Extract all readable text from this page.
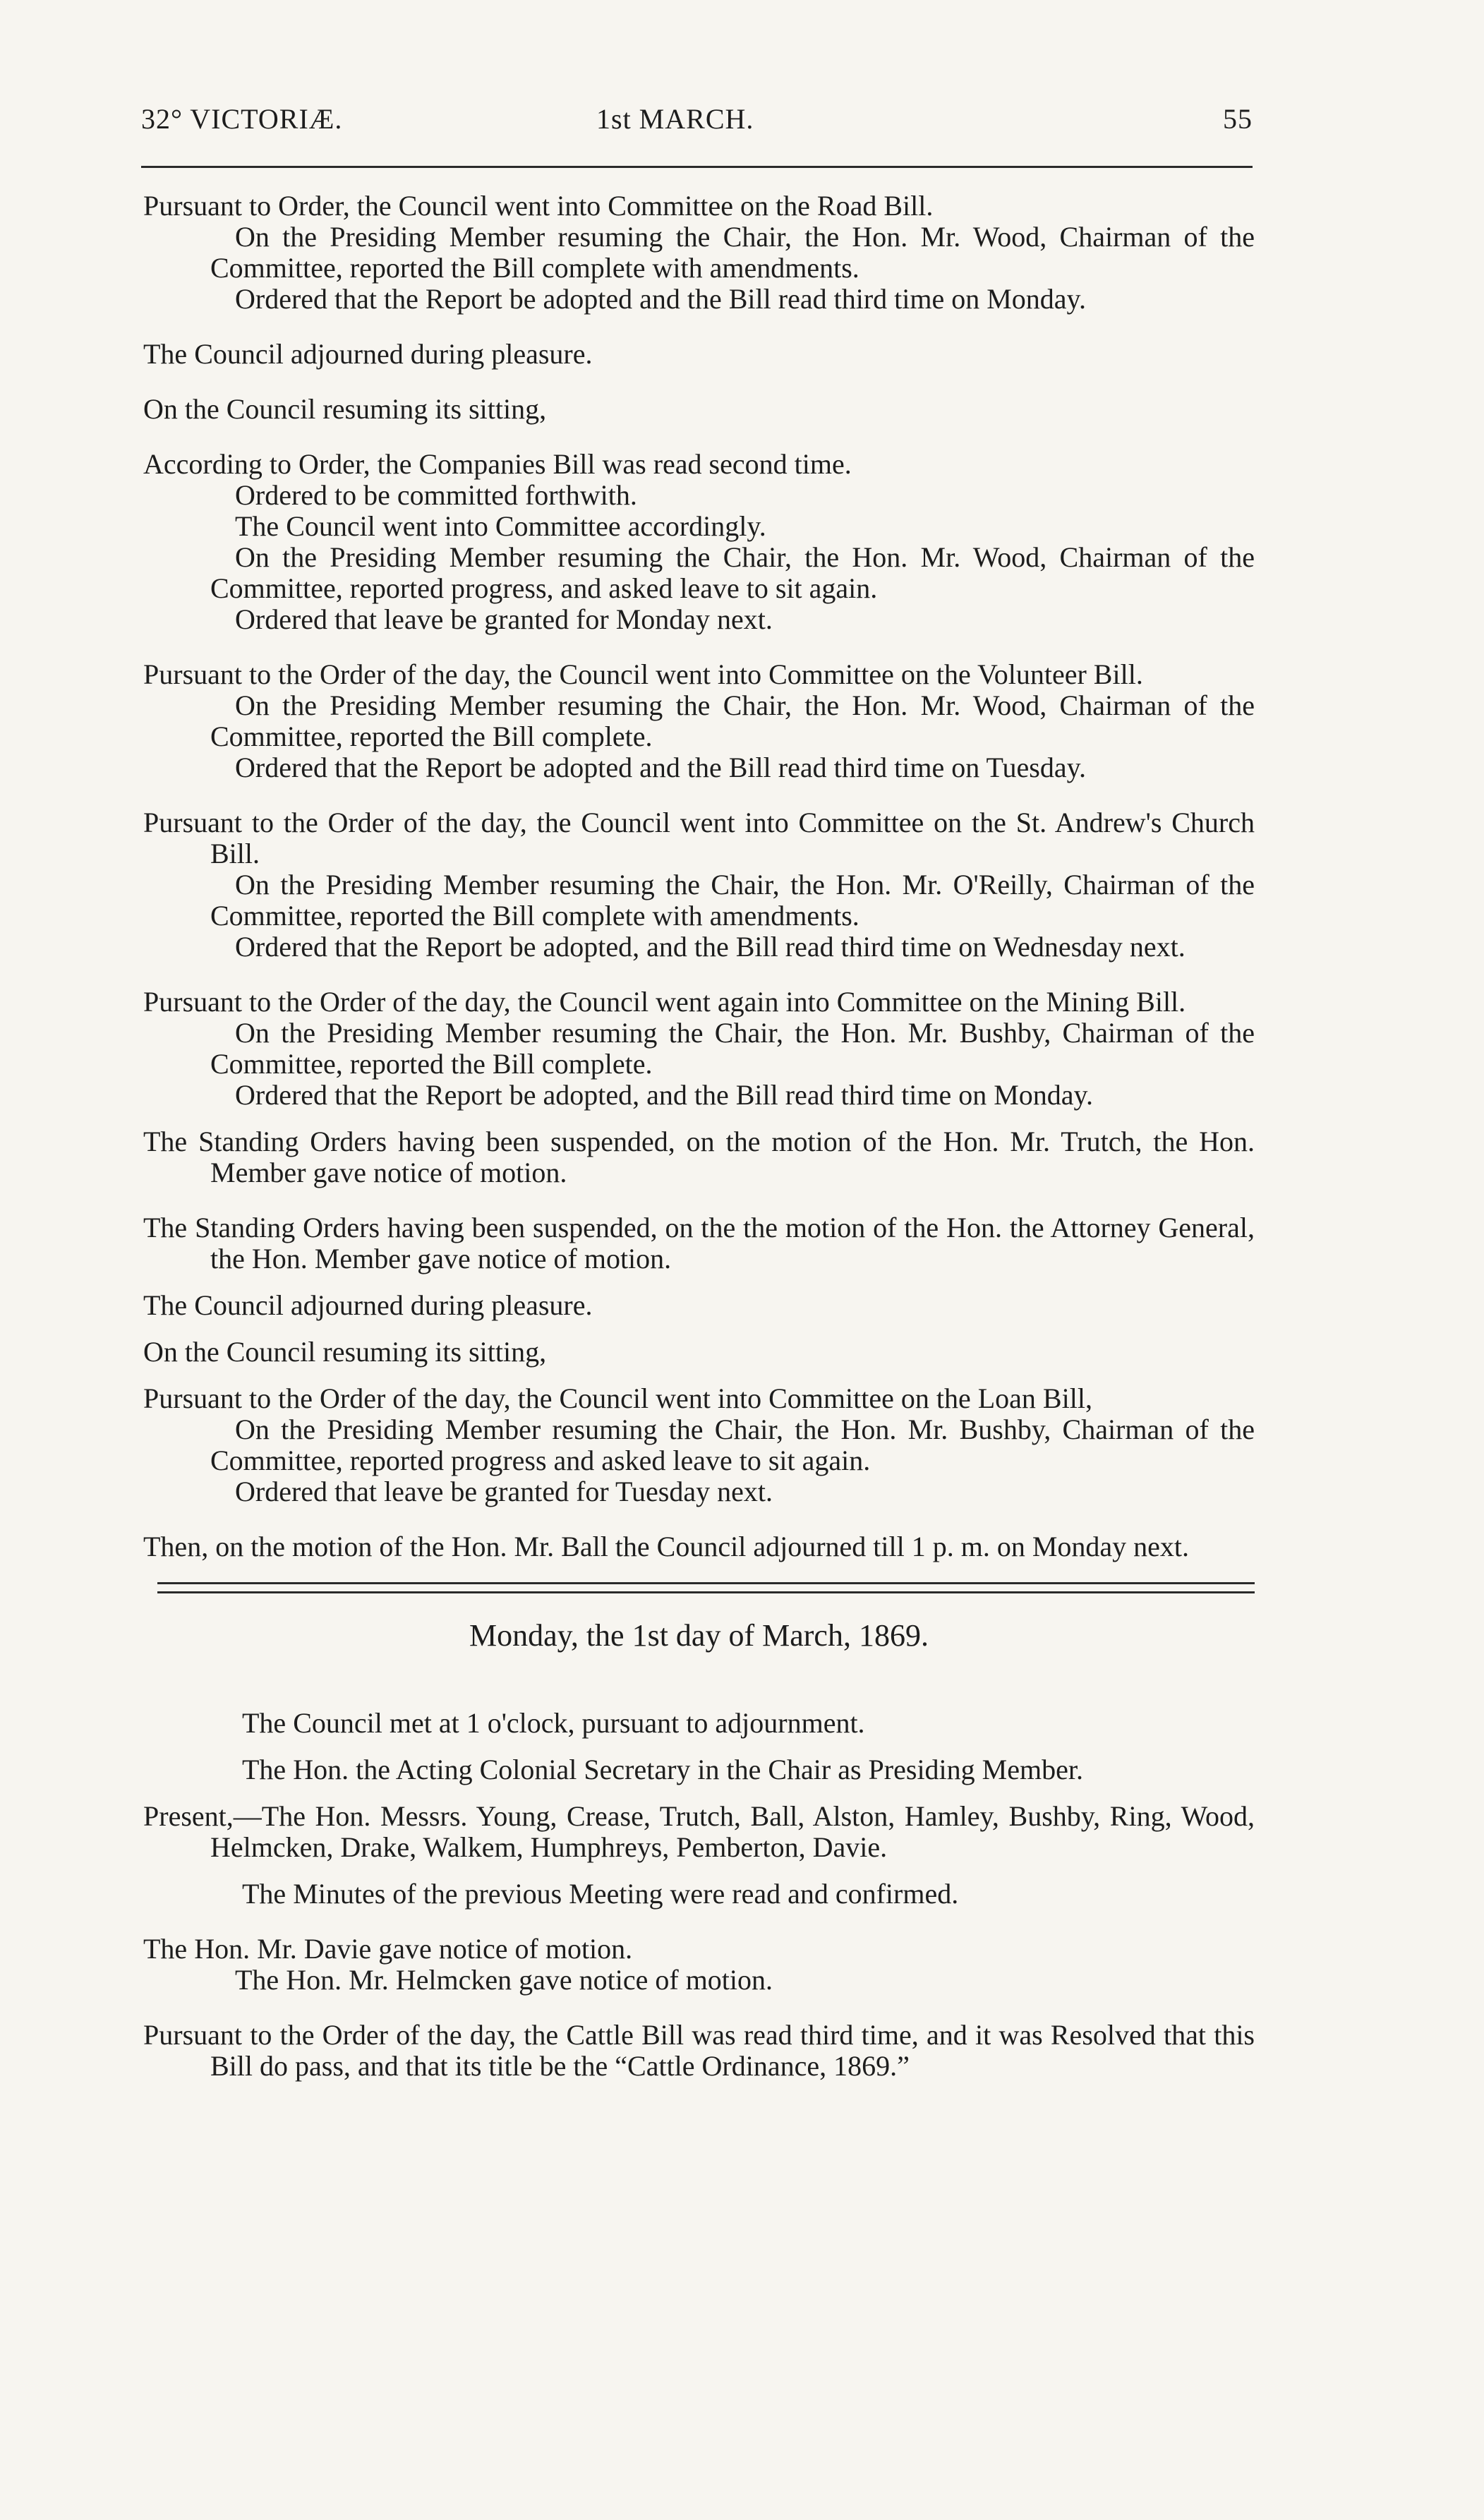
32° VICTORIÆ.	1st MARCH.	55

Pursuant to Order, the Council went into Committee on the Road Bill.

On the Presiding Member resuming the Chair, the Hon. Mr. Wood, Chairman of the Committee, reported the Bill complete with amendments.

Ordered that the Report be adopted and the Bill read third time on Monday.

The Council adjourned during pleasure.

On the Council resuming its sitting,

According to Order, the Companies Bill was read second time.

Ordered to be committed forthwith.

The Council went into Committee accordingly.

On the Presiding Member resuming the Chair, the Hon. Mr. Wood, Chairman of the Committee, reported progress, and asked leave to sit again.

Ordered that leave be granted for Monday next.

Pursuant to the Order of the day, the Council went into Committee on the Volunteer Bill.

On the Presiding Member resuming the Chair, the Hon. Mr. Wood, Chairman of the Committee, reported the Bill complete.

Ordered that the Report be adopted and the Bill read third time on Tuesday.

Pursuant to the Order of the day, the Council went into Committee on the St. Andrew's Church Bill.

On the Presiding Member resuming the Chair, the Hon. Mr. O'Reilly, Chairman of the Committee, reported the Bill complete with amendments.

Ordered that the Report be adopted, and the Bill read third time on Wednesday next.

Pursuant to the Order of the day, the Council went again into Committee on the Mining Bill.

On the Presiding Member resuming the Chair, the Hon. Mr. Bushby, Chairman of the Committee, reported the Bill complete.

Ordered that the Report be adopted, and the Bill read third time on Monday.

The Standing Orders having been suspended, on the motion of the Hon. Mr. Trutch, the Hon. Member gave notice of motion.

The Standing Orders having been suspended, on the the motion of the Hon. the Attorney General, the Hon. Member gave notice of motion.

The Council adjourned during pleasure.

On the Council resuming its sitting,

Pursuant to the Order of the day, the Council went into Committee on the Loan Bill,

On the Presiding Member resuming the Chair, the Hon. Mr. Bushby, Chairman of the Committee, reported progress and asked leave to sit again.

Ordered that leave be granted for Tuesday next.

Then, on the motion of the Hon. Mr. Ball the Council adjourned till 1 p. m. on Monday next.

Monday, the 1st day of March, 1869.

The Council met at 1 o'clock, pursuant to adjournment.

The Hon. the Acting Colonial Secretary in the Chair as Presiding Member.

Present,—The Hon. Messrs. Young, Crease, Trutch, Ball, Alston, Hamley, Bushby, Ring, Wood, Helmcken, Drake, Walkem, Humphreys, Pemberton, Davie.

The Minutes of the previous Meeting were read and confirmed.

The Hon. Mr. Davie gave notice of motion.

The Hon. Mr. Helmcken gave notice of motion.

Pursuant to the Order of the day, the Cattle Bill was read third time, and it was Resolved that this Bill do pass, and that its title be the “Cattle Ordinance, 1869.”
